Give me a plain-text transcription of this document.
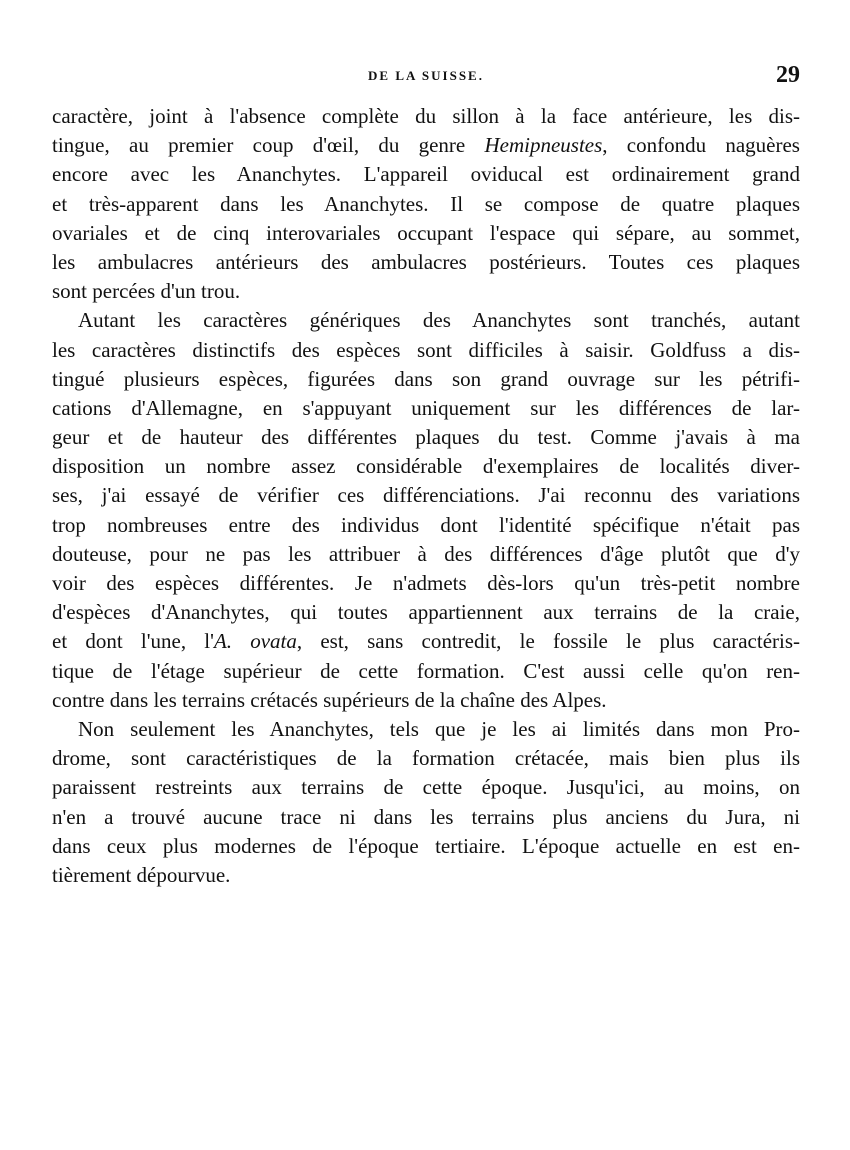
DE LA SUISSE.	29
caractère, joint à l'absence complète du sillon à la face antérieure, les dis-
tingue, au premier coup d'œil, du genre Hemipneustes, confondu naguères
encore avec les Ananchytes. L'appareil oviducal est ordinairement grand
et très-apparent dans les Ananchytes. Il se compose de quatre plaques
ovariales et de cinq interovariales occupant l'espace qui sépare, au sommet,
les ambulacres antérieurs des ambulacres postérieurs. Toutes ces plaques
sont percées d'un trou.
Autant les caractères génériques des Ananchytes sont tranchés, autant
les caractères distinctifs des espèces sont difficiles à saisir. Goldfuss a dis-
tingué plusieurs espèces, figurées dans son grand ouvrage sur les pétrifi-
cations d'Allemagne, en s'appuyant uniquement sur les différences de lar-
geur et de hauteur des différentes plaques du test. Comme j'avais à ma
disposition un nombre assez considérable d'exemplaires de localités diver-
ses, j'ai essayé de vérifier ces différenciations. J'ai reconnu des variations
trop nombreuses entre des individus dont l'identité spécifique n'était pas
douteuse, pour ne pas les attribuer à des différences d'âge plutôt que d'y
voir des espèces différentes. Je n'admets dès-lors qu'un très-petit nombre
d'espèces d'Ananchytes, qui toutes appartiennent aux terrains de la craie,
et dont l'une, l'A. ovata, est, sans contredit, le fossile le plus caractéris-
tique de l'étage supérieur de cette formation. C'est aussi celle qu'on ren-
contre dans les terrains crétacés supérieurs de la chaîne des Alpes.
Non seulement les Ananchytes, tels que je les ai limités dans mon Pro-
drome, sont caractéristiques de la formation crétacée, mais bien plus ils
paraissent restreints aux terrains de cette époque. Jusqu'ici, au moins, on
n'en a trouvé aucune trace ni dans les terrains plus anciens du Jura, ni
dans ceux plus modernes de l'époque tertiaire. L'époque actuelle en est en-
tièrement dépourvue.
